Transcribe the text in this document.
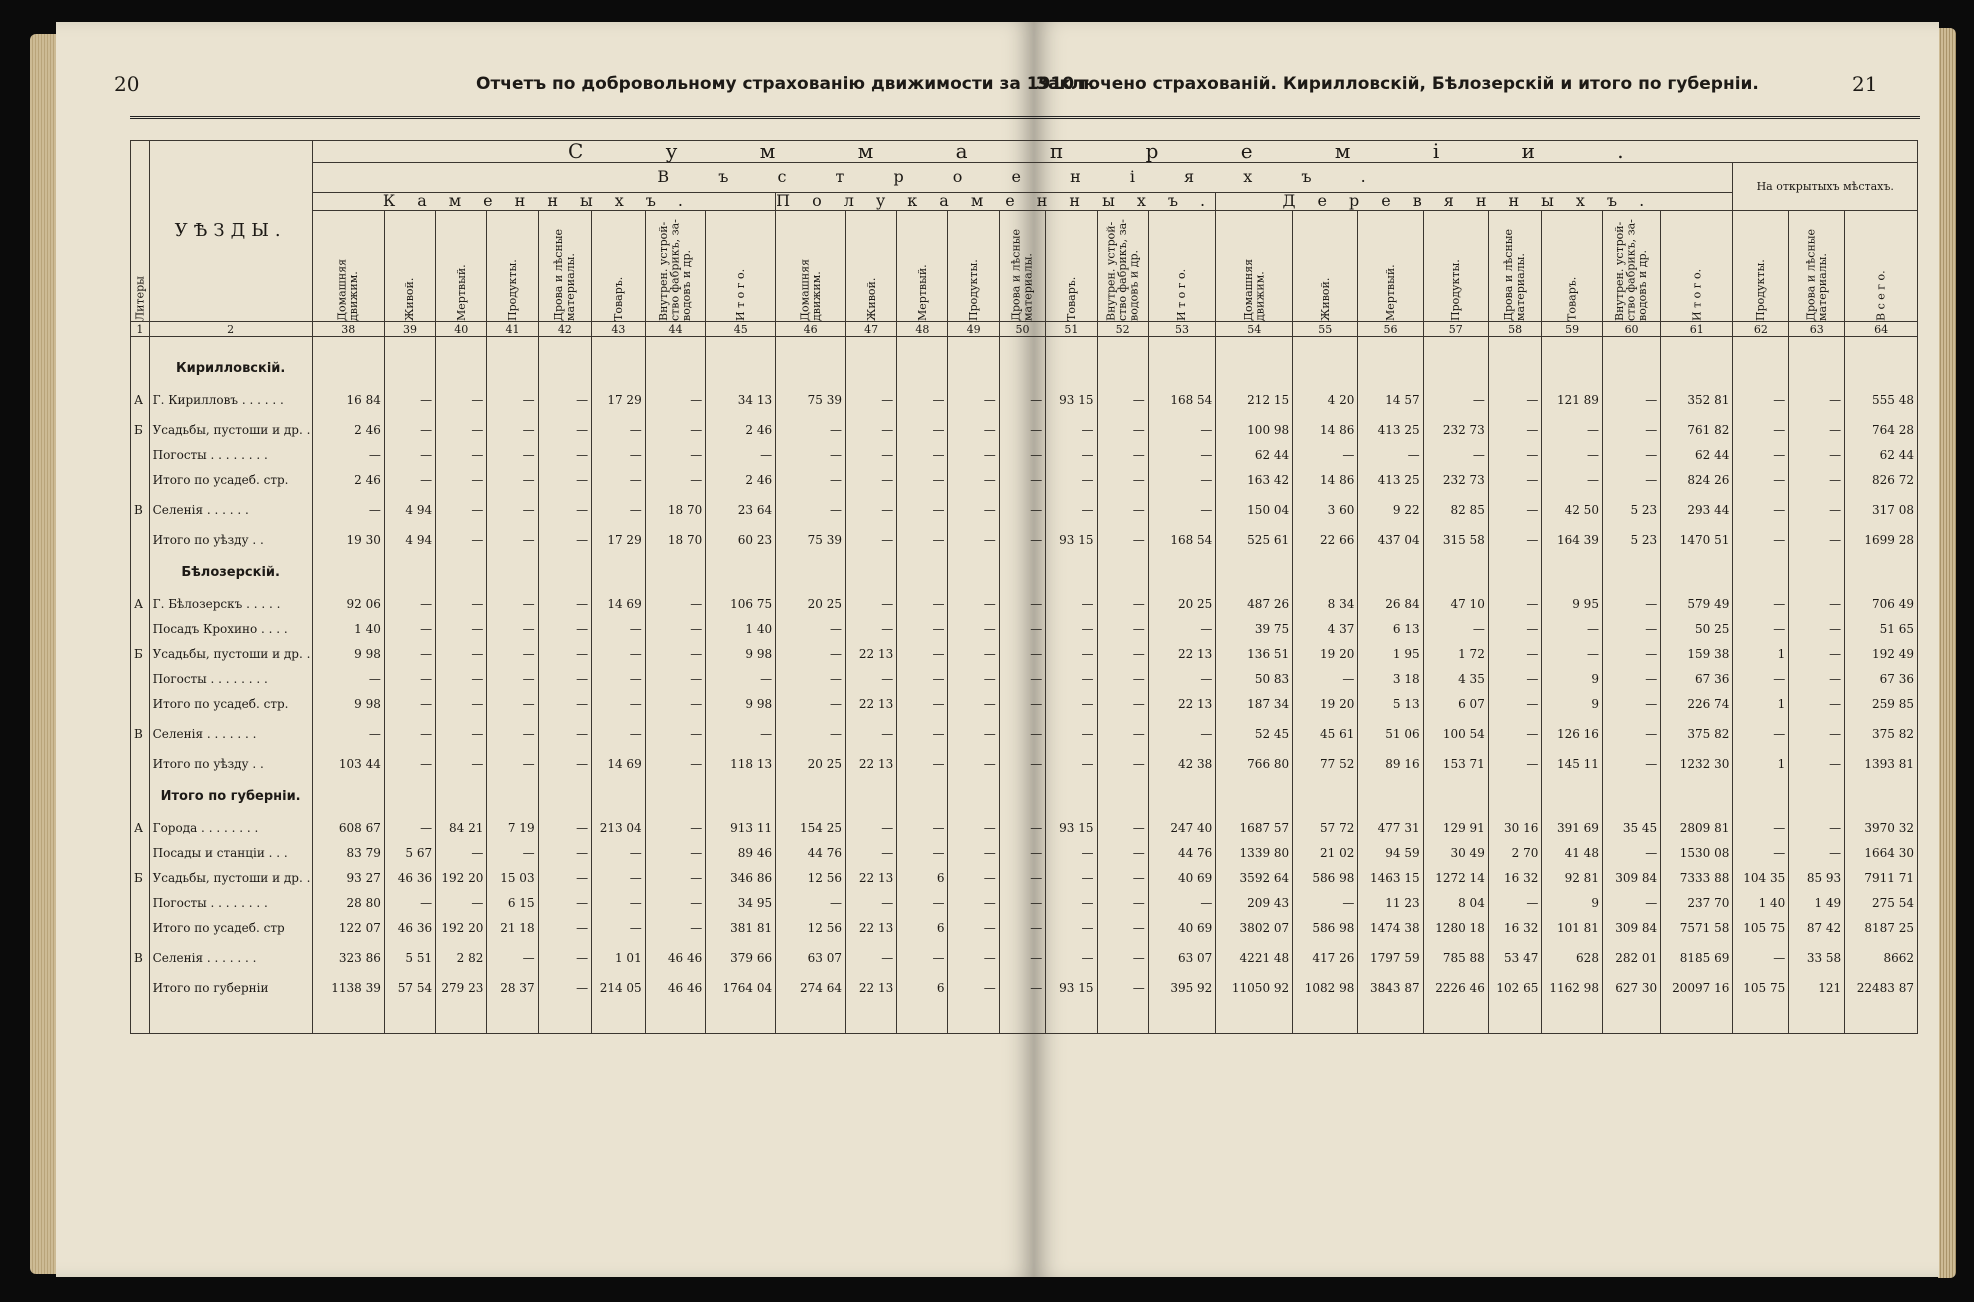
20	21
Отчетъ по добровольному страхованію движимости за 1910 г.
Заключено страхованій. Кирилловскій, Бѣлозерскій и итого по губерніи.
Литеры	УѢЗДЫ.	С у м м а п р е м і и .																										
		В ъ с т р о е н і я х ъ .																								На открытыхъ мѣстахъ.		
		Каменныхъ.								Полукаменныхъ.								Деревянныхъ.										
		Домашняя движим.	Живой.	Мертвый.	Продукты.	Дрова и лѣсные материалы.	Товаръ.	Внутрен. устрой-ство фабрикъ, за-водовъ и др.	И т о г о.	Домашняя движим.	Живой.	Мертвый.	Продукты.	Дрова и лѣсные материалы.	Товаръ.	Внутрен. устрой-ство фабрикъ, за-водовъ и др.	И т о г о.	Домашняя движим.	Живой.	Мертвый.	Продукты.	Дрова и лѣсные материалы.	Товаръ.	Внутрен. устрой-ство фабрикъ, за-водовъ и др.	И т о г о.	Продукты.	Дрова и лѣсные материалы.	В с е г о.
1	2	38	39	40	41	42	43	44	45	46	47	48	49	50	51	52	53	54	55	56	57	58	59	60	61	62	63	64

	Кирилловскій.																											
А	Г. Кирилловъ . . . . . .	16 84	—	—	—	—	17 29	—	34 13	75 39	—	—	—	—	93 15	—	168 54	212 15	4 20	14 57	—	—	121 89	—	352 81	—	—	555 48
Б	Усадьбы, пустоши и др. .	2 46	—	—	—	—	—	—	2 46	—	—	—	—	—	—	—	—	100 98	14 86	413 25	232 73	—	—	—	761 82	—	—	764 28
	Погосты . . . . . . . .	—	—	—	—	—	—	—	—	—	—	—	—	—	—	—	—	62 44	—	—	—	—	—	—	62 44	—	—	62 44
	Итого по усадеб. стр.	2 46	—	—	—	—	—	—	2 46	—	—	—	—	—	—	—	—	163 42	14 86	413 25	232 73	—	—	—	824 26	—	—	826 72
В	Селенія . . . . . .	—	4 94	—	—	—	—	18 70	23 64	—	—	—	—	—	—	—	—	150 04	3 60	9 22	82 85	—	42 50	5 23	293 44	—	—	317 08
	Итого по уѣзду . .	19 30	4 94	—	—	—	17 29	18 70	60 23	75 39	—	—	—	—	93 15	—	168 54	525 61	22 66	437 04	315 58	—	164 39	5 23	1470 51	—	—	1699 28
	Бѣлозерскій.																											
А	Г. Бѣлозерскъ . . . . .	92 06	—	—	—	—	14 69	—	106 75	20 25	—	—	—	—	—	—	20 25	487 26	8 34	26 84	47 10	—	9 95	—	579 49	—	—	706 49
	Посадъ Крохино . . . .	1 40	—	—	—	—	—	—	1 40	—	—	—	—	—	—	—	—	39 75	4 37	6 13	—	—	—	—	50 25	—	—	51 65
Б	Усадьбы, пустоши и др. .	9 98	—	—	—	—	—	—	9 98	—	22 13	—	—	—	—	—	22 13	136 51	19 20	1 95	1 72	—	—	—	159 38	1	—	192 49
	Погосты . . . . . . . .	—	—	—	—	—	—	—	—	—	—	—	—	—	—	—	—	50 83	—	3 18	4 35	—	9	—	67 36	—	—	67 36
	Итого по усадеб. стр.	9 98	—	—	—	—	—	—	9 98	—	22 13	—	—	—	—	—	22 13	187 34	19 20	5 13	6 07	—	9	—	226 74	1	—	259 85
В	Селенія . . . . . . .	—	—	—	—	—	—	—	—	—	—	—	—	—	—	—	—	52 45	45 61	51 06	100 54	—	126 16	—	375 82	—	—	375 82
	Итого по уѣзду . .	103 44	—	—	—	—	14 69	—	118 13	20 25	22 13	—	—	—	—	—	42 38	766 80	77 52	89 16	153 71	—	145 11	—	1232 30	1	—	1393 81
	Итого по губерніи.																											
А	Города . . . . . . . .	608 67	—	84 21	7 19	—	213 04	—	913 11	154 25	—	—	—	—	93 15	—	247 40	1687 57	57 72	477 31	129 91	30 16	391 69	35 45	2809 81	—	—	3970 32
	Посады и станціи . . .	83 79	5 67	—	—	—	—	—	89 46	44 76	—	—	—	—	—	—	44 76	1339 80	21 02	94 59	30 49	2 70	41 48	—	1530 08	—	—	1664 30
Б	Усадьбы, пустоши и др. .	93 27	46 36	192 20	15 03	—	—	—	346 86	12 56	22 13	6	—	—	—	—	40 69	3592 64	586 98	1463 15	1272 14	16 32	92 81	309 84	7333 88	104 35	85 93	7911 71
	Погосты . . . . . . . .	28 80	—	—	6 15	—	—	—	34 95	—	—	—	—	—	—	—	—	209 43	—	11 23	8 04	—	9	—	237 70	1 40	1 49	275 54
	Итого по усадеб. стр	122 07	46 36	192 20	21 18	—	—	—	381 81	12 56	22 13	6	—	—	—	—	40 69	3802 07	586 98	1474 38	1280 18	16 32	101 81	309 84	7571 58	105 75	87 42	8187 25
В	Селенія . . . . . . .	323 86	5 51	2 82	—	—	1 01	46 46	379 66	63 07	—	—	—	—	—	—	63 07	4221 48	417 26	1797 59	785 88	53 47	628	282 01	8185 69	—	33 58	8662
	Итого по губерніи	1138 39	57 54	279 23	28 37	—	214 05	46 46	1764 04	274 64	22 13	6	—	—	93 15	—	395 92	11050 92	1082 98	3843 87	2226 46	102 65	1162 98	627 30	20097 16	105 75	121	22483 87
